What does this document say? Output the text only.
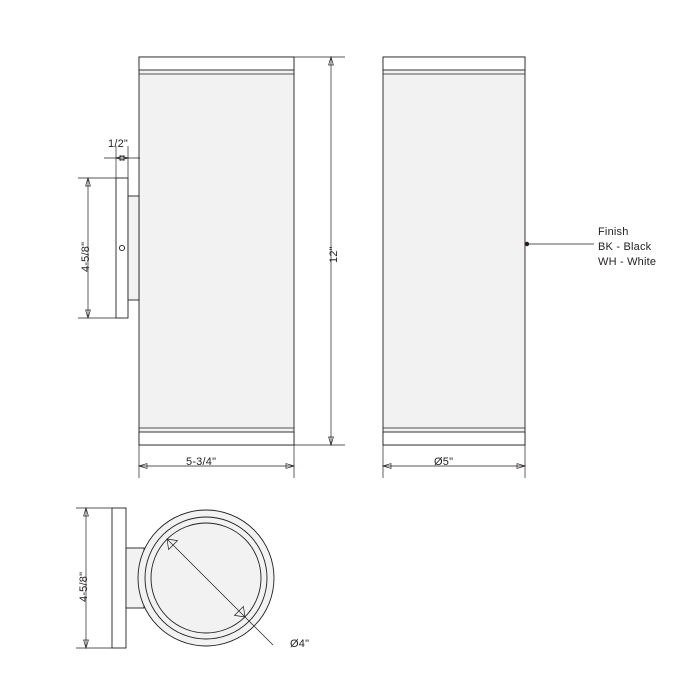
1/2"
4-5/8"	12"
5-3/4"	Ø5"
4-5/8"
Ø4"
Finish
BK - Black
WH - White
